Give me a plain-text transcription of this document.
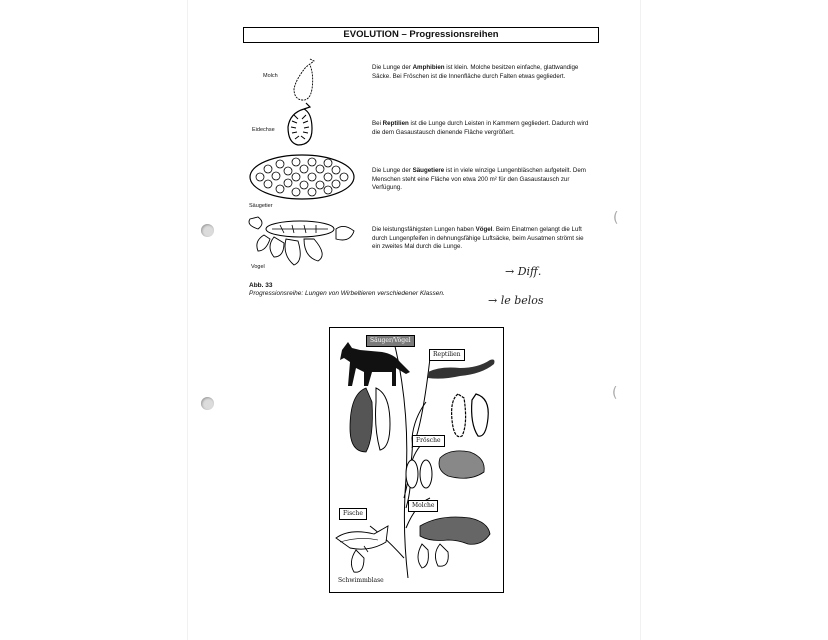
(
(
EVOLUTION – Progressionsreihen
Molch
Eidechse
Säugetier
Vogel
Die Lunge der Amphibien ist klein. Molche besitzen einfache, glattwandige Säcke. Bei Fröschen ist die Innenfläche durch Falten etwas gegliedert.
Bei Reptilien ist die Lunge durch Leisten in Kammern gegliedert. Dadurch wird die dem Gasaustausch dienende Fläche vergrößert.
Die Lunge der Säugetiere ist in viele winzige Lungenbläschen aufgeteilt. Dem Menschen steht eine Fläche von etwa 200 m² für den Gasaustausch zur Verfügung.
Die leistungsfähigsten Lungen haben Vögel. Beim Einatmen gelangt die Luft durch Lungenpfeifen in dehnungsfähige Luftsäcke, beim Ausatmen strömt sie ein zweites Mal durch die Lunge.
Abb. 33
Progressionsreihe: Lungen von Wirbeltieren verschiedener Klassen.
→ Diff.
→ le belos
Säuger/Vögel
Reptilien
Frösche
Fische
Molche
Schwimmblase
